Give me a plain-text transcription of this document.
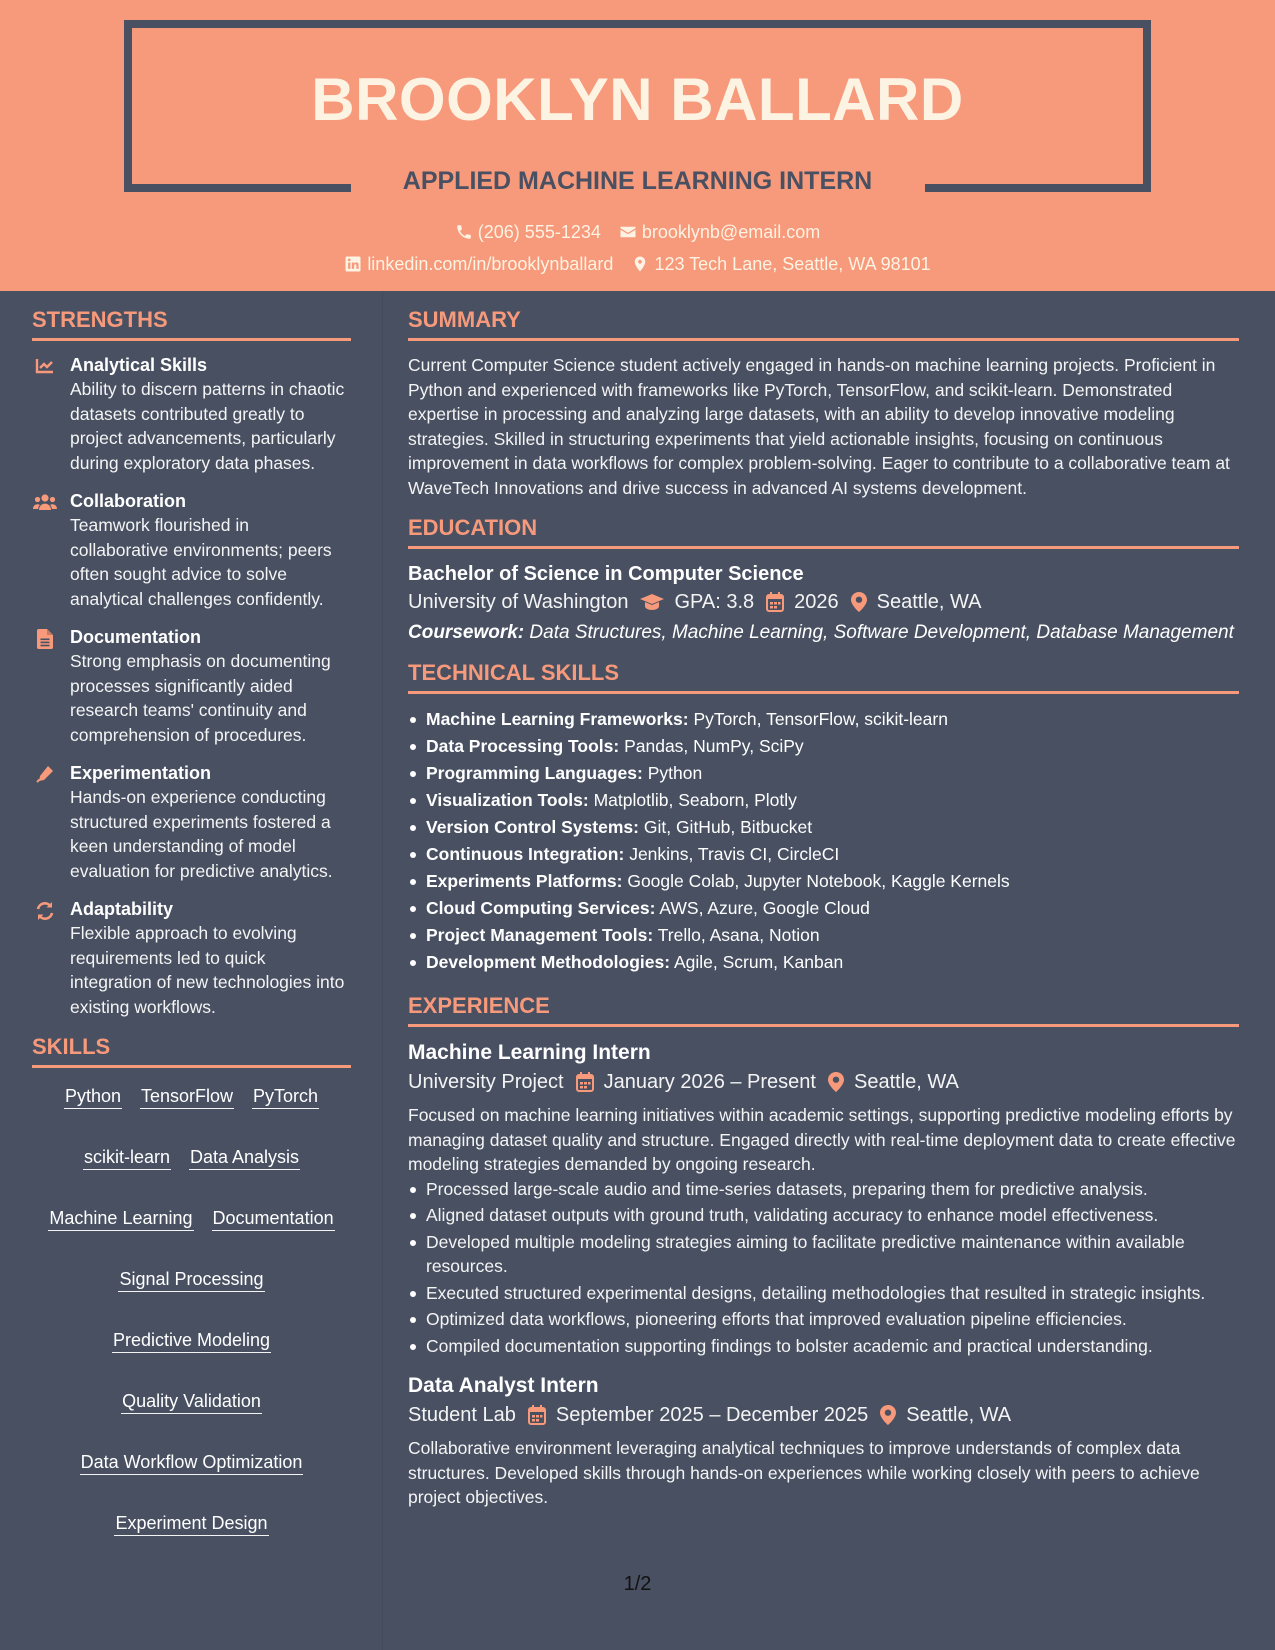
BROOKLYN BALLARD
APPLIED MACHINE LEARNING INTERN
(206) 555-1234 brooklynb@email.com
linkedin.com/in/brooklynballard 123 Tech Lane, Seattle, WA 98101
STRENGTHS
Analytical Skills
Ability to discern patterns in chaotic datasets contributed greatly to project advancements, particularly during exploratory data phases.
Collaboration
Teamwork flourished in collaborative environments; peers often sought advice to solve analytical challenges confidently.
Documentation
Strong emphasis on documenting processes significantly aided research teams' continuity and comprehension of procedures.
Experimentation
Hands-on experience conducting structured experiments fostered a keen understanding of model evaluation for predictive analytics.
Adaptability
Flexible approach to evolving requirements led to quick integration of new technologies into existing workflows.
SKILLS
Python TensorFlow PyTorch
scikit-learn Data Analysis
Machine Learning Documentation
Signal Processing
Predictive Modeling
Quality Validation
Data Workflow Optimization
Experiment Design
SUMMARY
Current Computer Science student actively engaged in hands-on machine learning projects. Proficient in Python and experienced with frameworks like PyTorch, TensorFlow, and scikit-learn. Demonstrated expertise in processing and analyzing large datasets, with an ability to develop innovative modeling strategies. Skilled in structuring experiments that yield actionable insights, focusing on continuous improvement in data workflows for complex problem-solving. Eager to contribute to a collaborative team at WaveTech Innovations and drive success in advanced AI systems development.
EDUCATION
Bachelor of Science in Computer Science
University of Washington GPA: 3.8 2026 Seattle, WA
Coursework: Data Structures, Machine Learning, Software Development, Database Management
TECHNICAL SKILLS
Machine Learning Frameworks: PyTorch, TensorFlow, scikit-learn
Data Processing Tools: Pandas, NumPy, SciPy
Programming Languages: Python
Visualization Tools: Matplotlib, Seaborn, Plotly
Version Control Systems: Git, GitHub, Bitbucket
Continuous Integration: Jenkins, Travis CI, CircleCI
Experiments Platforms: Google Colab, Jupyter Notebook, Kaggle Kernels
Cloud Computing Services: AWS, Azure, Google Cloud
Project Management Tools: Trello, Asana, Notion
Development Methodologies: Agile, Scrum, Kanban
EXPERIENCE
Machine Learning Intern
University Project January 2026 – Present Seattle, WA
Focused on machine learning initiatives within academic settings, supporting predictive modeling efforts by managing dataset quality and structure. Engaged directly with real-time deployment data to create effective modeling strategies demanded by ongoing research.
Processed large-scale audio and time-series datasets, preparing them for predictive analysis.
Aligned dataset outputs with ground truth, validating accuracy to enhance model effectiveness.
Developed multiple modeling strategies aiming to facilitate predictive maintenance within available resources.
Executed structured experimental designs, detailing methodologies that resulted in strategic insights.
Optimized data workflows, pioneering efforts that improved evaluation pipeline efficiencies.
Compiled documentation supporting findings to bolster academic and practical understanding.
Data Analyst Intern
Student Lab September 2025 – December 2025 Seattle, WA
Collaborative environment leveraging analytical techniques to improve understands of complex data structures. Developed skills through hands-on experiences while working closely with peers to achieve project objectives.
1/2
